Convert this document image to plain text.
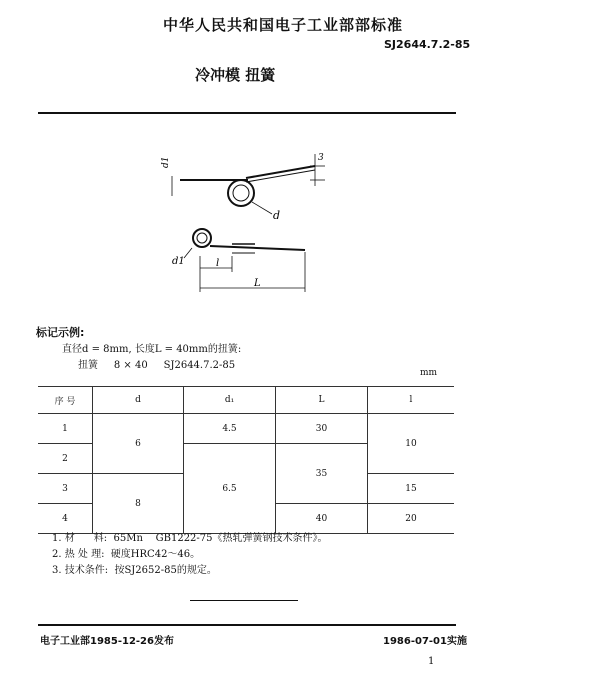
中华人民共和国电子工业部部标准
SJ2644.7.2-85
冷冲模 扭簧
d1	3
d
d1	l
L
标记示例:
直径d = 8mm, 长度L = 40mm的扭簧:
扭簧     8 × 40     SJ2644.7.2-85
mm
序 号	d	d₁	L	l
1	6	4.5	30	10
2		6.5	35	
3	8			15
4			40	20
1. 材      料:  65Mn    GB1222-75《热轧弹簧钢技术条件》。
2. 热 处 理:  硬度HRC42～46。
3. 技术条件:  按SJ2652-85的规定。
电子工业部1985-12-26发布	1986-07-01实施
1
